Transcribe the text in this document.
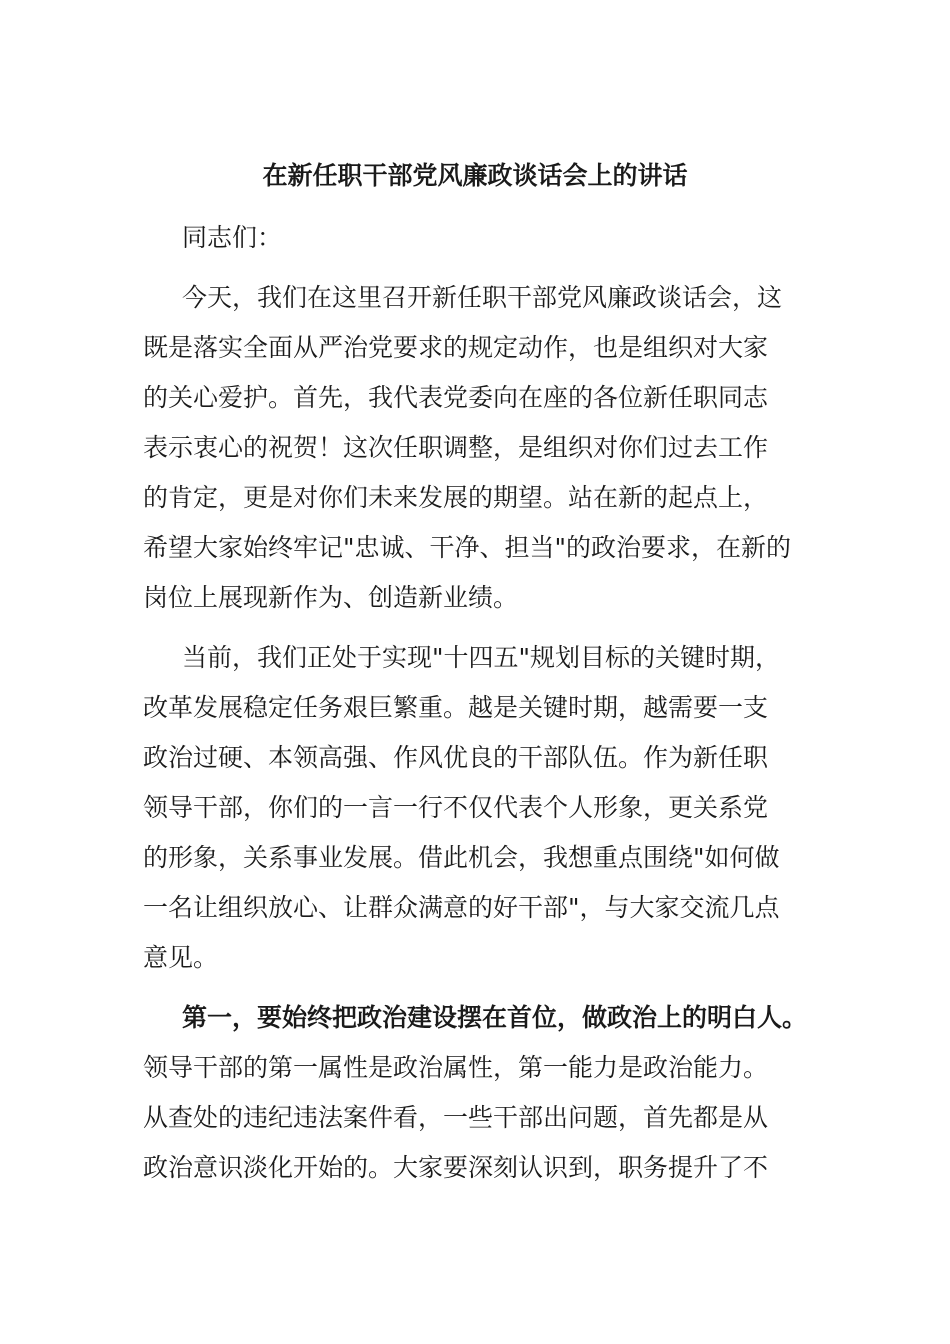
在新任职干部党风廉政谈话会上的讲话

同志们：

今天，我们在这里召开新任职干部党风廉政谈话会，这
既是落实全面从严治党要求的规定动作，也是组织对大家
的关心爱护。首先，我代表党委向在座的各位新任职同志
表示衷心的祝贺！这次任职调整，是组织对你们过去工作
的肯定，更是对你们未来发展的期望。站在新的起点上，
希望大家始终牢记"忠诚、干净、担当"的政治要求，在新的
岗位上展现新作为、创造新业绩。
当前，我们正处于实现"十四五"规划目标的关键时期，
改革发展稳定任务艰巨繁重。越是关键时期，越需要一支
政治过硬、本领高强、作风优良的干部队伍。作为新任职
领导干部，你们的一言一行不仅代表个人形象，更关系党
的形象，关系事业发展。借此机会，我想重点围绕"如何做
一名让组织放心、让群众满意的好干部"，与大家交流几点
意见。
第一，要始终把政治建设摆在首位，做政治上的明白人。
领导干部的第一属性是政治属性，第一能力是政治能力。
从查处的违纪违法案件看，一些干部出问题，首先都是从
政治意识淡化开始的。大家要深刻认识到，职务提升了不
